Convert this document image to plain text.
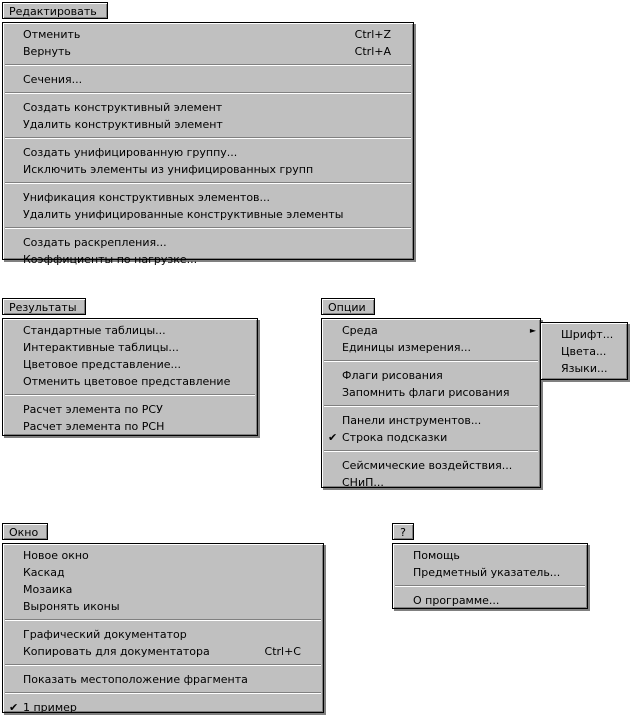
Редактировать
Отменить	Ctrl+Z
Вернуть	Ctrl+A
Сечения...
Создать конструктивный элемент
Удалить конструктивный элемент
Создать унифицированную группу...
Исключить элементы из унифицированных групп
Унификация конструктивных элементов...
Удалить унифицированные конструктивные элементы
Создать раскрепления...
Коэффициенты по нагрузке...
Результаты
Стандартные таблицы...
Интерактивные таблицы...
Цветовое представление...
Отменить цветовое представление
Расчет элемента по РСУ
Расчет элемента по РСН
Опции
Среда	►
Единицы измерения...
Флаги рисования
Запомнить флаги рисования
Панели инструментов...
✔ Строка подсказки
Сейсмические воздействия...
СНиП...
Шрифт...
Цвета...
Языки...
Окно
Новое окно
Каскад
Мозаика
Выронять иконы
Графический документатор
Копировать для документатора	Ctrl+C
Показать местоположение фрагмента
✔ 1 пример
?
Помощь
Предметный указатель...
О программе...
